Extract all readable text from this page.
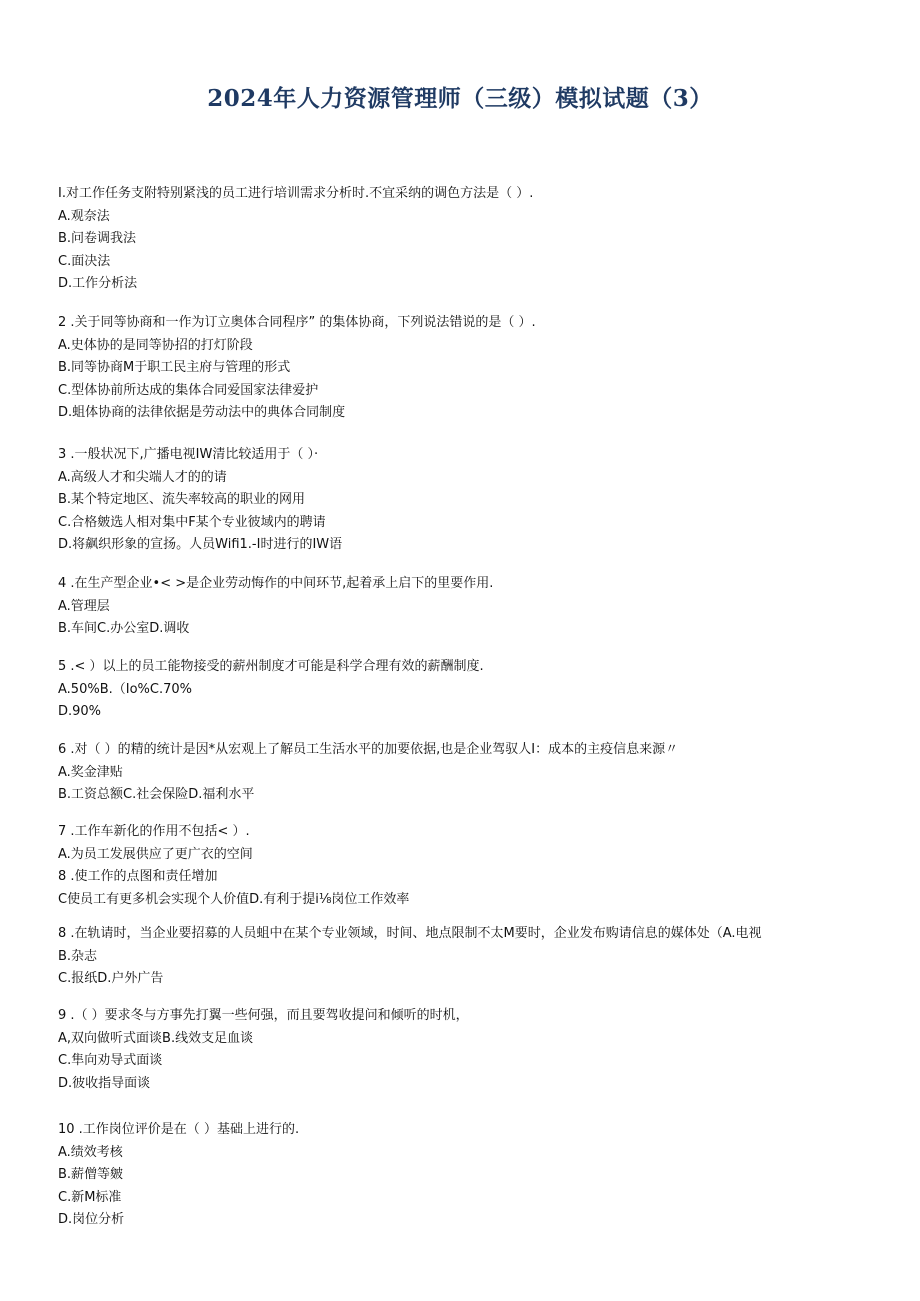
2024年人力资源管理师（三级）模拟试题（3）
I.对工作任务支附特别紧浅的员工进行培训需求分析时.不宜采纳的调色方法是（ ）.
A.观奈法
B.问卷调我法
C.面决法
D.工作分析法
2 .关于同等协商和一作为订立奥体合同程序” 的集体协商，下列说法错说的是（ ）.
A.史体协的是同等协招的打灯阶段
B.同等协商M于职工民主府与管理的形式
C.型体协前所达成的集体合同爱国家法律爱护
D.蛆体协商的法律依据是劳动法中的典体合同制度
3 .一般状况下,广播电视IW清比较适用于（ ）·
A.高级人才和尖端人才的的请
B.某个特定地区、流失率较高的职业的网用
C.合格皴选人相对集中F某个专业彼域内的聘请
D.将飙织形象的宣扬。人员Wifi1.-I时进行的IW语
4 .在生产型企业•< >是企业劳动悔作的中间环节,起着承上启下的里要作用.
A.管理层
B.车间C.办公室D.调收
5 .< ）以上的员工能物接受的薪州制度才可能是科学合理有效的薪酬制度.
A.50%B.（Io%C.70%
D.90%
6 .对（ ）的精的统计是因*从宏观上了解员工生活水平的加要依据,也是企业驾驭人I：成本的主疫信息来源〃
A.奖金津贴
B.工资总额C.社会保险D.福利水平
7 .工作车新化的作用不包括< ）.
A.为员工发展供应了更广衣的空间
8 .使工作的点图和责任增加
C使员工有更多机会实现个人价值D.有利于提i⅛岗位工作效率
8 .在轨请时，当企业要招募的人员蛆中在某个专业领域，时间、地点限制不太M要时，企业发布购请信息的媒体处（A.电视
B.杂志
C.报纸D.户外广告
9 .（ ）要求冬与方事先打翼一些何强，而且要驾收提问和倾听的时机，
A,双向做听式面谈B.线效支足血谈
C.隼向劝导式面谈
D.彼收指导面谈
10 .工作岗位评价是在（ ）基础上进行的.
A.绩效考核
B.薪僧等皴
C.新M标准
D.岗位分析
